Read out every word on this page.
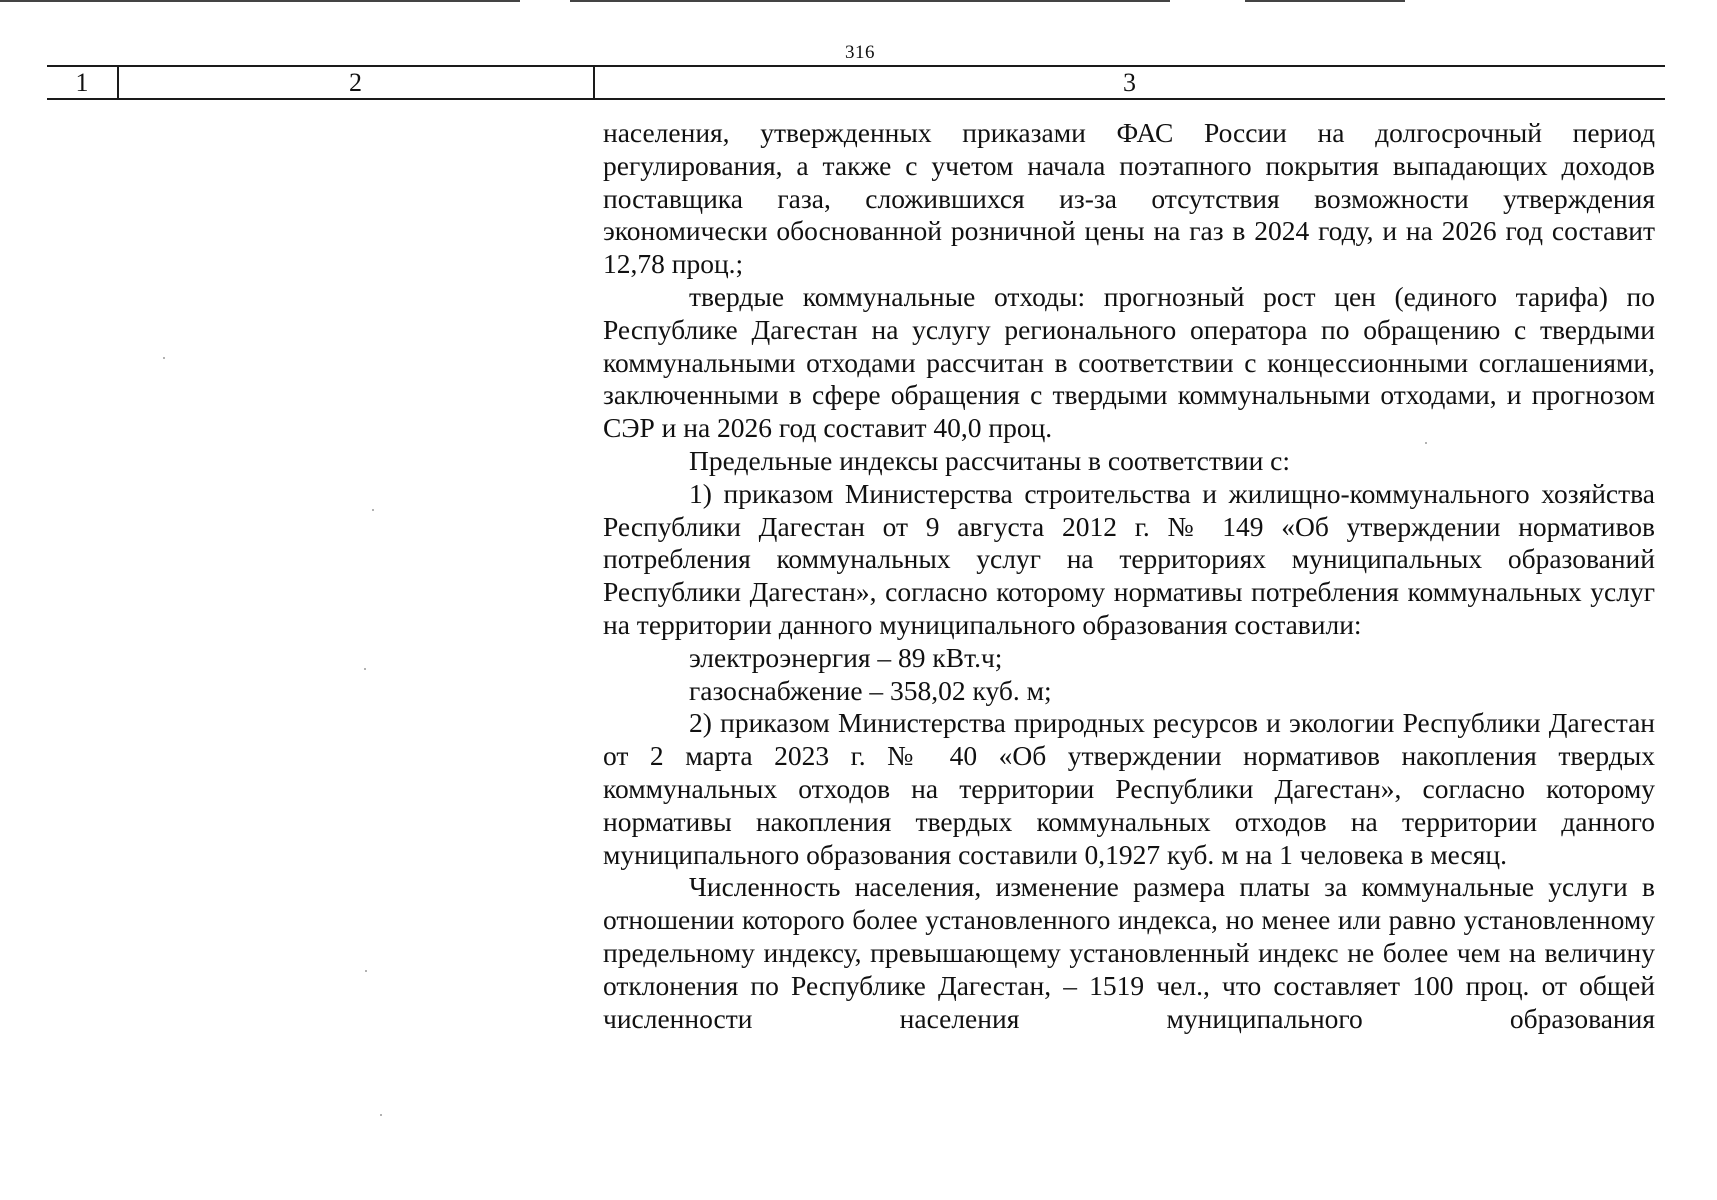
316
1	2	3

населения, утвержденных приказами ФАС России на долгосрочный период регулирования, а также с учетом начала поэтапного покрытия выпадающих доходов поставщика газа, сложившихся из-за отсутствия возможности утверждения экономически обоснованной розничной цены на газ в 2024 году, и на 2026 год составит 12,78 проц.;

твердые коммунальные отходы: прогнозный рост цен (единого тарифа) по Республике Дагестан на услугу регионального оператора по обращению с твердыми коммунальными отходами рассчитан в соответствии с концессионными соглашениями, заключенными в сфере обращения с твердыми коммунальными отходами, и прогнозом СЭР и на 2026 год составит 40,0 проц.

Предельные индексы рассчитаны в соответствии с:

1) приказом Министерства строительства и жилищно-коммунального хозяйства Республики Дагестан от 9 августа 2012 г. № 149 «Об утверждении нормативов потребления коммунальных услуг на территориях муниципальных образований Республики Дагестан», согласно которому нормативы потребления коммунальных услуг на территории данного муниципального образования составили:

электроэнергия – 89 кВт.ч;

газоснабжение – 358,02 куб. м;

2) приказом Министерства природных ресурсов и экологии Республики Дагестан от 2 марта 2023 г. № 40 «Об утверждении нормативов накопления твердых коммунальных отходов на территории Республики Дагестан», согласно которому нормативы накопления твердых коммунальных отходов на территории данного муниципального образования составили 0,1927 куб. м на 1 человека в месяц.

Численность населения, изменение размера платы за коммунальные услуги в отношении которого более установленного индекса, но менее или равно установленному предельному индексу, превышающему установленный индекс не более чем на величину отклонения по Республике Дагестан, – 1519 чел., что составляет 100 проц. от общей численности населения муниципального образования
